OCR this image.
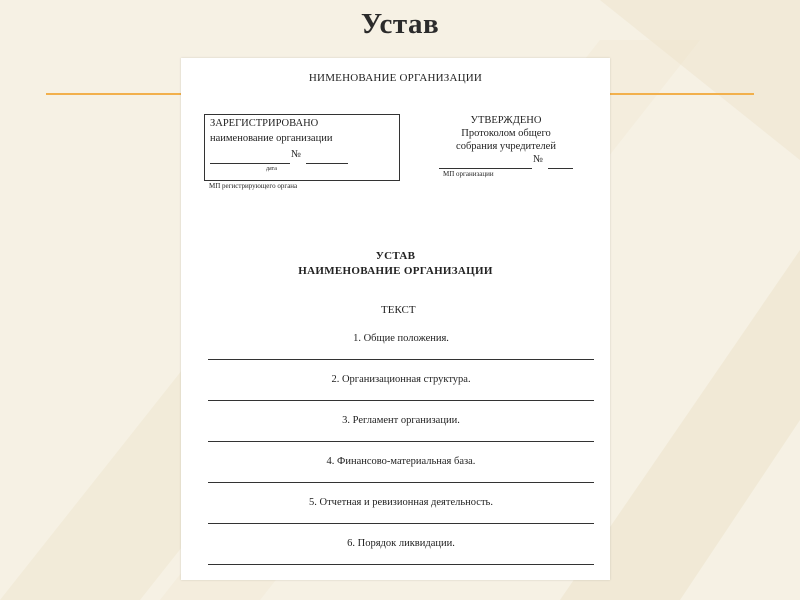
Устав
НИМЕНОВАНИЕ ОРГАНИЗАЦИИ
ЗАРЕГИСТРИРОВАНО
наименование организации
№
дата
МП регистрирующего органа
УТВЕРЖДЕНО
Протоколом общего
собрания учредителей
№
МП организации
УСТАВ
НАИМЕНОВАНИЕ ОРГАНИЗАЦИИ
ТЕКСТ
1. Общие положения.
2. Организационная структура.
3. Регламент организации.
4. Финансово-материальная база.
5. Отчетная и ревизионная деятельность.
6. Порядок ликвидации.
